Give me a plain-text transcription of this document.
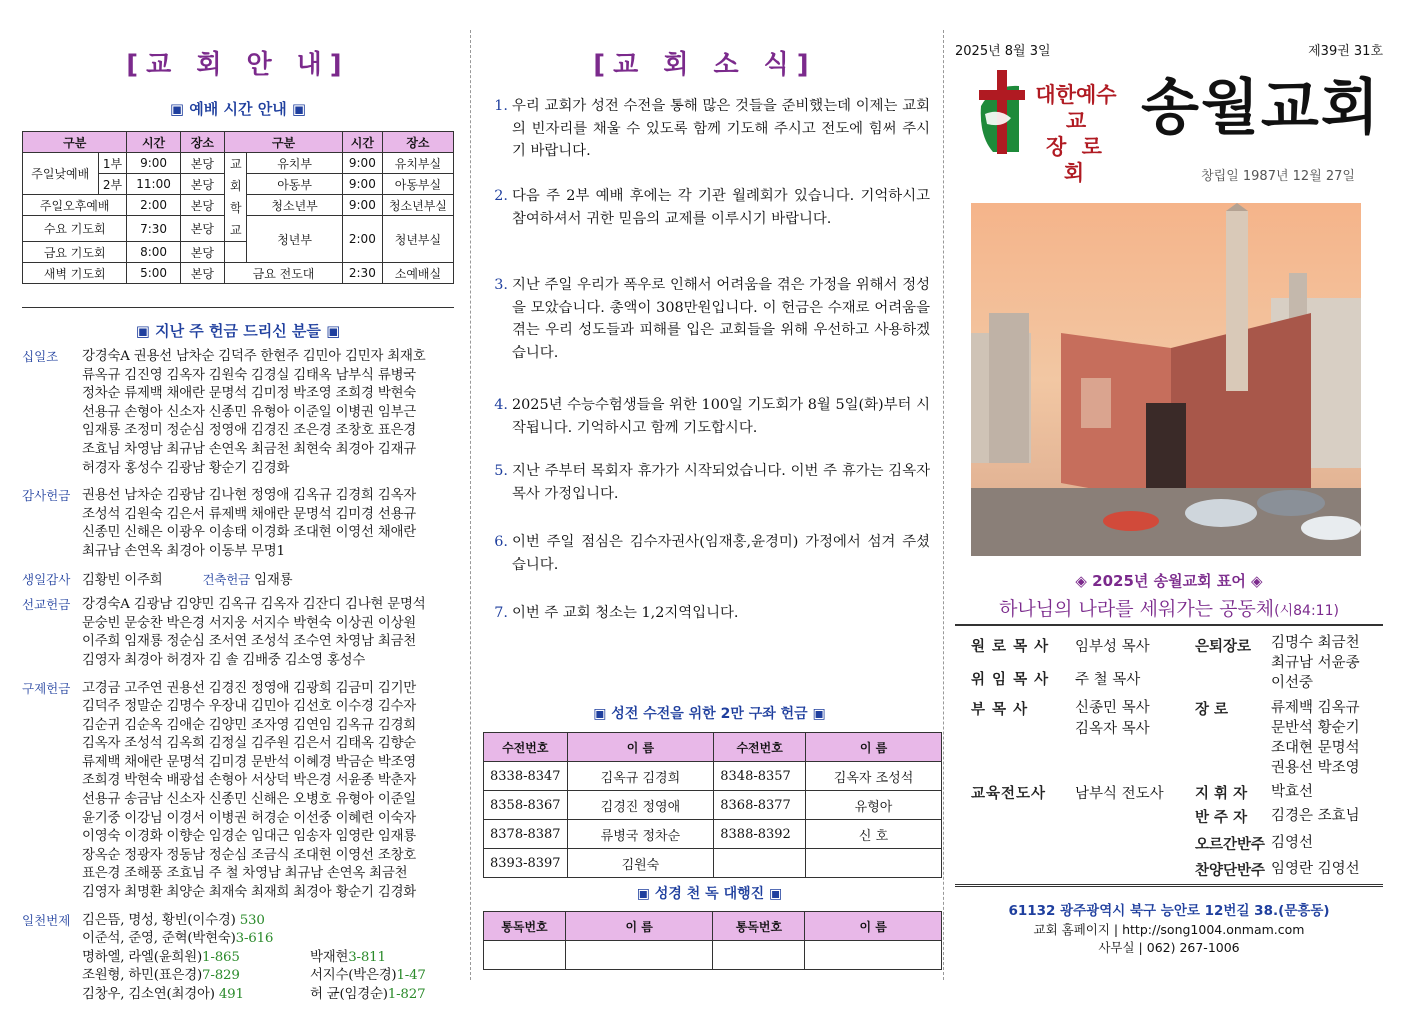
[교 회 안 내]
▣ 예배 시간 안내 ▣
구분		시간	장소	구분		시간	장소
주일낮예배	1부	9:00	본당	교회학교	유치부	9:00	유치부실
	2부	11:00	본당		아동부	9:00	아동부실
주일오후예배		2:00	본당		청소년부	9:00	청소년부실
수요 기도회		7:30	본당		청년부	2:00	청년부실
금요 기도회		8:00	본당				
새벽 기도회		5:00	본당	금요 전도대		2:30	소예배실
▣ 지난 주 헌금 드리신 분들 ▣
십일조	강경숙A 권용선 남차순 김덕주 한현주 김민아 김민자 최재호
류옥규 김진영 김옥자 김원숙 김경실 김태옥 남부식 류병국
정차순 류제백 채애란 문명석 김미정 박조영 조희경 박현숙
선용규 손형아 신소자 신종민 유형아 이준일 이병권 임부근
임재룡 조정미 정순심 정영애 김경진 조은경 조창호 표은경
조효님 차영남 최규남 손연옥 최금천 최현숙 최경아 김재규
허경자 홍성수 김광남 황순기 김경화
감사헌금 권용선 남차순 김광남 김나현 정영애 김옥규 김경희 김옥자
조성석 김원숙 김은서 류제백 채애란 문명석 김미경 선용규
신종민 신해은 이광우 이송태 이경화 조대현 이영선 채애란
최규남 손연옥 최경아 이동부 무명1
생일감사 김황빈 이주희	건축헌금 임재룡
선교헌금 강경숙A 김광남 김양민 김옥규 김옥자 김잔디 김나현 문명석
문숭빈 문숭찬 박은경 서지웅 서지수 박현숙 이상권 이상원
이주희 임재룡 정순심 조서연 조성석 조수연 차영남 최금천
김영자 최경아 허경자 김 솔 김배중 김소영 홍성수
구제헌금 고경금 고주연 권용선 김경진 정영애 김광희 김금미 김기만
김덕주 정말순 김명수 우장내 김민아 김선호 이수경 김수자
김순귀 김순옥 김애순 김양민 조자영 김연임 김옥규 김경희
김옥자 조성석 김옥희 김정실 김주원 김은서 김태옥 김향순
류제백 채애란 문명석 김미경 문반석 이혜경 박금순 박조영
조희경 박현숙 배광섭 손형아 서상덕 박은경 서윤종 박춘자
선용규 송금남 신소자 신종민 신해은 오병호 유형아 이준일
윤기중 이강님 이경서 이병권 허경순 이선중 이혜련 이숙자
이영숙 이경화 이향순 임경순 임대근 임송자 임영란 임재룡
장옥순 정광자 정동남 정순심 조금식 조대현 이영선 조창호
표은경 조해풍 조효님 주 철 차영남 최규남 손연옥 최금천
김영자 최명환 최양순 최재숙 최재희 최경아 황순기 김경화
일천번제 김은뜸, 명성, 황빈(이수경) 530
이준석, 준영, 준혁(박현숙)3-616
명하엘, 라엘(윤희원)1-865	박재현 3-811
조원형, 하민(표은경)7-829	서지수(박은경) 1-47
김창우, 김소연(최경아) 491	허 균(임경순) 1-827
[교 회 소 식]
1. 우리 교회가 성전 수전을 통해 많은 것들을 준비했는데 이제는 교회의 빈자리를 채울 수 있도록 함께 기도해 주시고 전도에 힘써 주시기 바랍니다.
2. 다음 주 2부 예배 후에는 각 기관 월례회가 있습니다. 기억하시고 참여하셔서 귀한 믿음의 교제를 이루시기 바랍니다.
3. 지난 주일 우리가 폭우로 인해서 어려움을 겪은 가정을 위해서 정성을 모았습니다. 총액이 308만원입니다. 이 헌금은 수재로 어려움을 겪는 우리 성도들과 피해를 입은 교회들을 위해 우선하고 사용하겠습니다.
4. 2025년 수능수험생들을 위한 100일 기도회가 8월 5일(화)부터 시작됩니다. 기억하시고 함께 기도합시다.
5. 지난 주부터 목회자 휴가가 시작되었습니다. 이번 주 휴가는 김옥자 목사 가정입니다.
6. 이번 주일 점심은 김수자권사(임재홍,윤경미) 가정에서 섬겨 주셨습니다.
7. 이번 주 교회 청소는 1,2지역입니다.
▣ 성전 수전을 위한 2만 구좌 헌금 ▣
수전번호	이 름	수전번호	이 름
8338-8347	김옥규 김경희	8348-8357	김옥자 조성석
8358-8367	김경진 정영애	8368-8377	유형아
8378-8387	류병국 정차순	8388-8392	신 호
8393-8397	김원숙		
▣ 성경 천 독 대행진 ▣
통독번호	이 름	통독번호	이 름

2025년 8월 3일	제39권 31호
대한예수교
장 로 회
송월교회
창립일 1987년 12월 27일
◈ 2025년 송월교회 표어 ◈
하나님의 나라를 세워가는 공동체(시84:11)
원 로 목 사	임부성 목사	은퇴장로	김명수 최금천
최규남 서윤종
이선중
위 임 목 사	주 철 목사
부 목 사	신종민 목사
김옥자 목사
장 로	류제백 김옥규
문반석 황순기
조대현 문명석
권용선 박조영
교육전도사	남부식 전도사	지 휘 자	박효선
반 주 자	김경은 조효님
오르간반주 김영선
찬양단반주 임영란 김영선
61132 광주광역시 북구 능안로 12번길 38.(문흥동)
교회 홈페이지 | http://song1004.onmam.com
사무실 | 062) 267-1006
